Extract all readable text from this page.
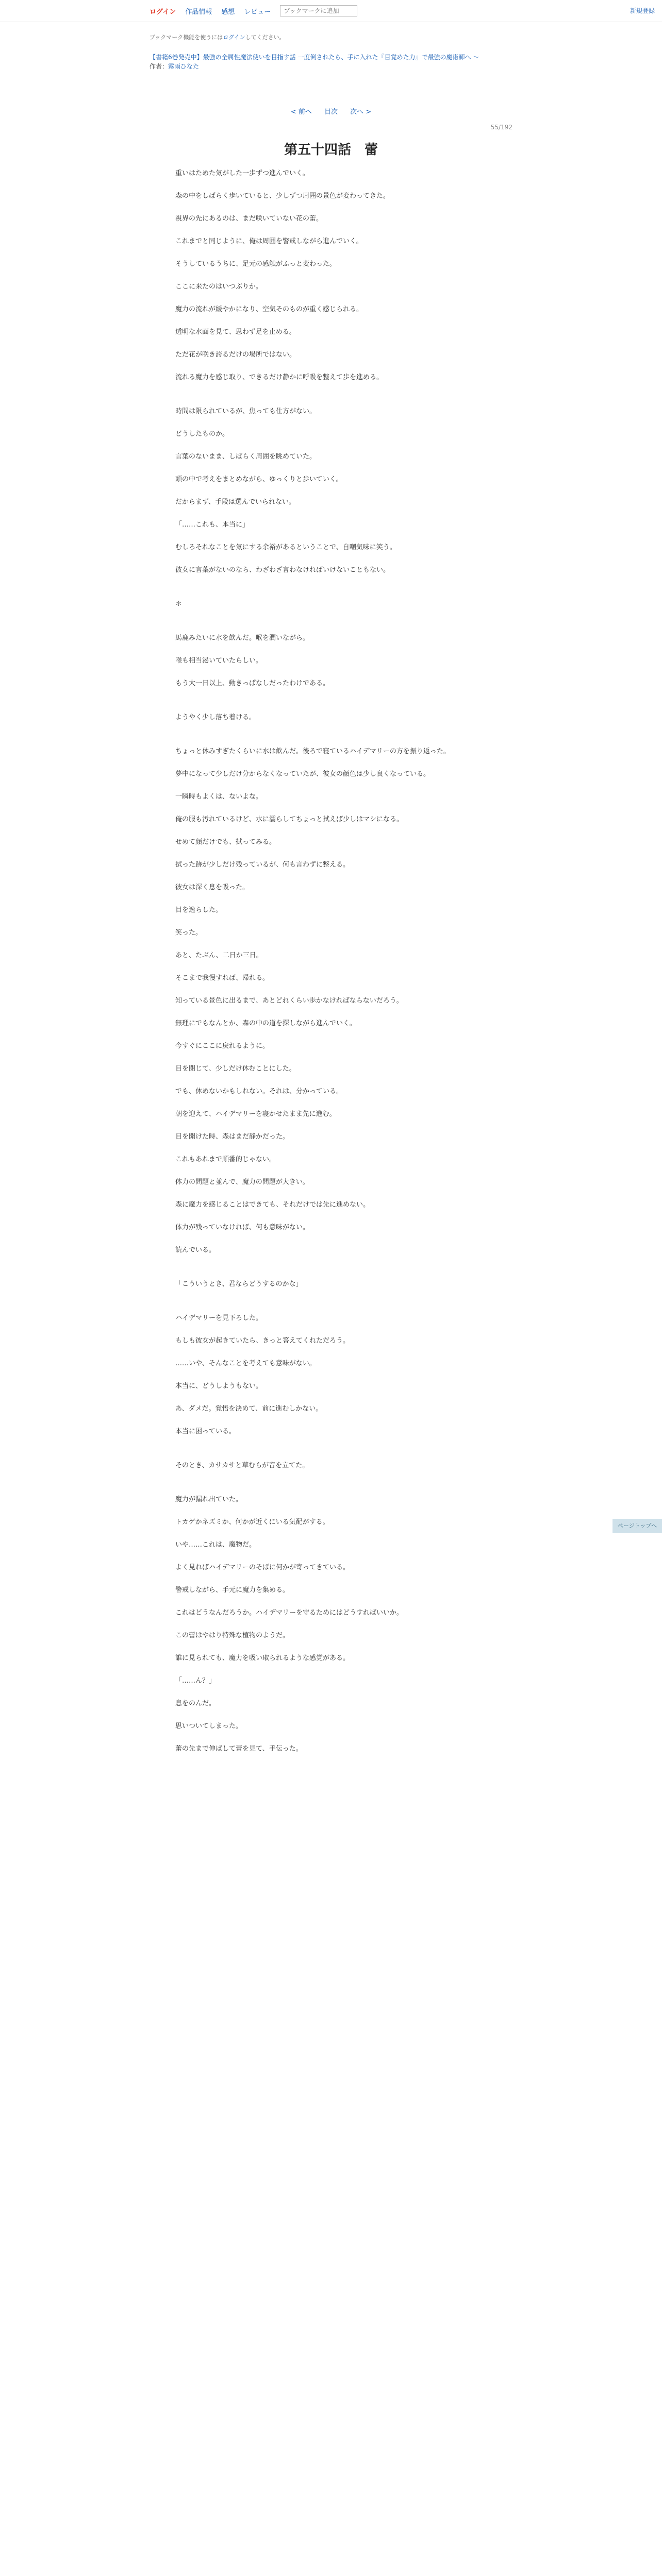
ログイン 作品情報 感想 レビュー
ブックマークに追加	新規登録
ブックマーク機能を使うにはログインしてください。
【書籍6巻発売中】最強の全属性魔法使いを目指す話 一度倒されたら、手に入れた『目覚めた力』で最強の魔術師へ 〜
作者：霧雨ひなた
< 前へ 目次 次へ >
55/192
第五十四話　蕾

重いはためた気がした一歩ずつ進んでいく。

森の中をしばらく歩いていると、少しずつ周囲の景色が変わってきた。

視界の先にあるのは、まだ咲いていない花の蕾。

これまでと同じように、俺は周囲を警戒しながら進んでいく。

そうしているうちに、足元の感触がふっと変わった。

ここに来たのはいつぶりか。

魔力の流れが緩やかになり、空気そのものが重く感じられる。

透明な水面を見て、思わず足を止める。

ただ花が咲き誇るだけの場所ではない。

流れる魔力を感じ取り、できるだけ静かに呼吸を整えて歩を進める。

時間は限られているが、焦っても仕方がない。

どうしたものか。

言葉のないまま、しばらく周囲を眺めていた。

頭の中で考えをまとめながら、ゆっくりと歩いていく。

だからまず、手段は選んでいられない。

「……これも、本当に」

むしろそれなことを気にする余裕があるということで、自嘲気味に笑う。

彼女に言葉がないのなら、わざわざ言わなければいけないこともない。

＊

馬鹿みたいに水を飲んだ。喉を潤いながら。

喉も相当渇いていたらしい。

もう大一日以上、動きっぱなしだったわけである。

ようやく少し落ち着ける。

ちょっと休みすぎたくらいに水は飲んだ。後ろで寝ているハイデマリーの方を振り返った。

夢中になって少しだけ分からなくなっていたが、彼女の顔色は少し良くなっている。

一瞬時もよくは、ないよな。

俺の服も汚れているけど、水に濡らしてちょっと拭えば少しはマシになる。

せめて顔だけでも、拭ってみる。

拭った跡が少しだけ残っているが、何も言わずに整える。

彼女は深く息を吸った。

目を逸らした。

笑った。

あと、たぶん、二日か三日。

そこまで我慢すれば、帰れる。

知っている景色に出るまで、あとどれくらい歩かなければならないだろう。

無理にでもなんとか、森の中の道を探しながら進んでいく。

今すぐにここに戻れるように。

目を閉じて、少しだけ休むことにした。

でも、休めないかもしれない。それは、分かっている。

朝を迎えて、ハイデマリーを寝かせたまま先に進む。

目を開けた時、森はまだ静かだった。

これもあれまで順番的じゃない。

体力の問題と並んで、魔力の問題が大きい。

森に魔力を感じることはできても、それだけでは先に進めない。

体力が残っていなければ、何も意味がない。

読んでいる。

「こういうとき、君ならどうするのかな」

ハイデマリーを見下ろした。

もしも彼女が起きていたら、きっと答えてくれただろう。

……いや、そんなことを考えても意味がない。

本当に、どうしようもない。

あ、ダメだ。覚悟を決めて、前に進むしかない。

本当に困っている。

そのとき、カサカサと草むらが音を立てた。

魔力が漏れ出ていた。

トカゲかネズミか、何かが近くにいる気配がする。

いや……これは、魔物だ。

よく見ればハイデマリーのそばに何かが寄ってきている。

警戒しながら、手元に魔力を集める。

これはどうなんだろうか。ハイデマリーを守るためにはどうすればいいか。

この蕾はやはり特殊な植物のようだ。

誰に見られても、魔力を吸い取られるような感覚がある。

「……ん？」

息をのんだ。

思いついてしまった。

蕾の先まで伸ばして蕾を見て、手伝った。

ページトップへ
